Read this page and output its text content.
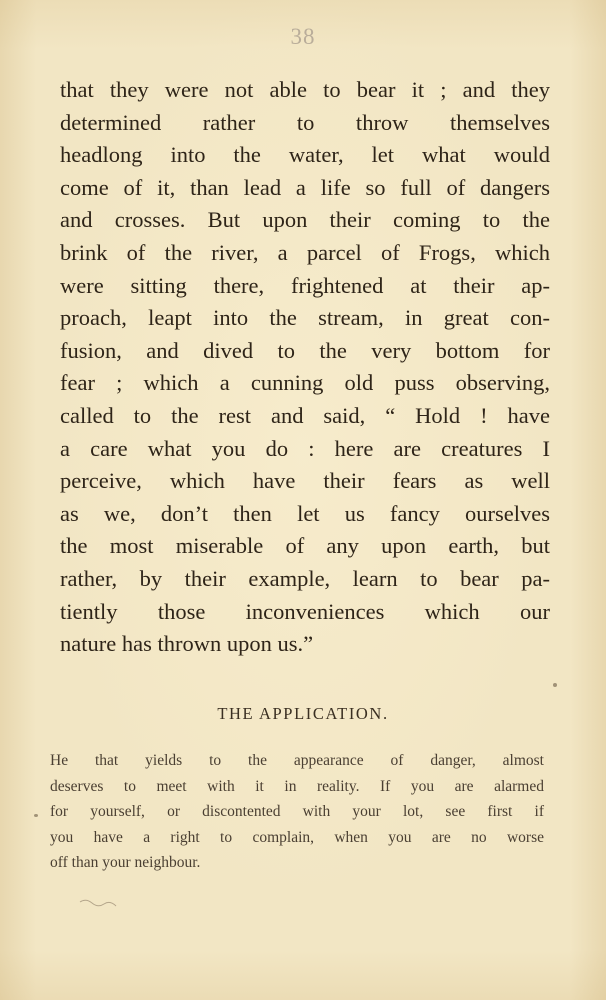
38
that they were not able to bear it ; and they
determined rather to throw themselves
headlong into the water, let what would
come of it, than lead a life so full of dangers
and crosses. But upon their coming to the
brink of the river, a parcel of Frogs, which
were sitting there, frightened at their ap-
proach, leapt into the stream, in great con-
fusion, and dived to the very bottom for
fear ; which a cunning old puss observing,
called to the rest and said, “ Hold ! have
a care what you do : here are creatures I
perceive, which have their fears as well
as we, don’t then let us fancy ourselves
the most miserable of any upon earth, but
rather, by their example, learn to bear pa-
tiently those inconveniences which our
nature has thrown upon us.”
THE APPLICATION.
He that yields to the appearance of danger, almost
deserves to meet with it in reality. If you are alarmed
for yourself, or discontented with your lot, see first if
you have a right to complain, when you are no worse
off than your neighbour.
